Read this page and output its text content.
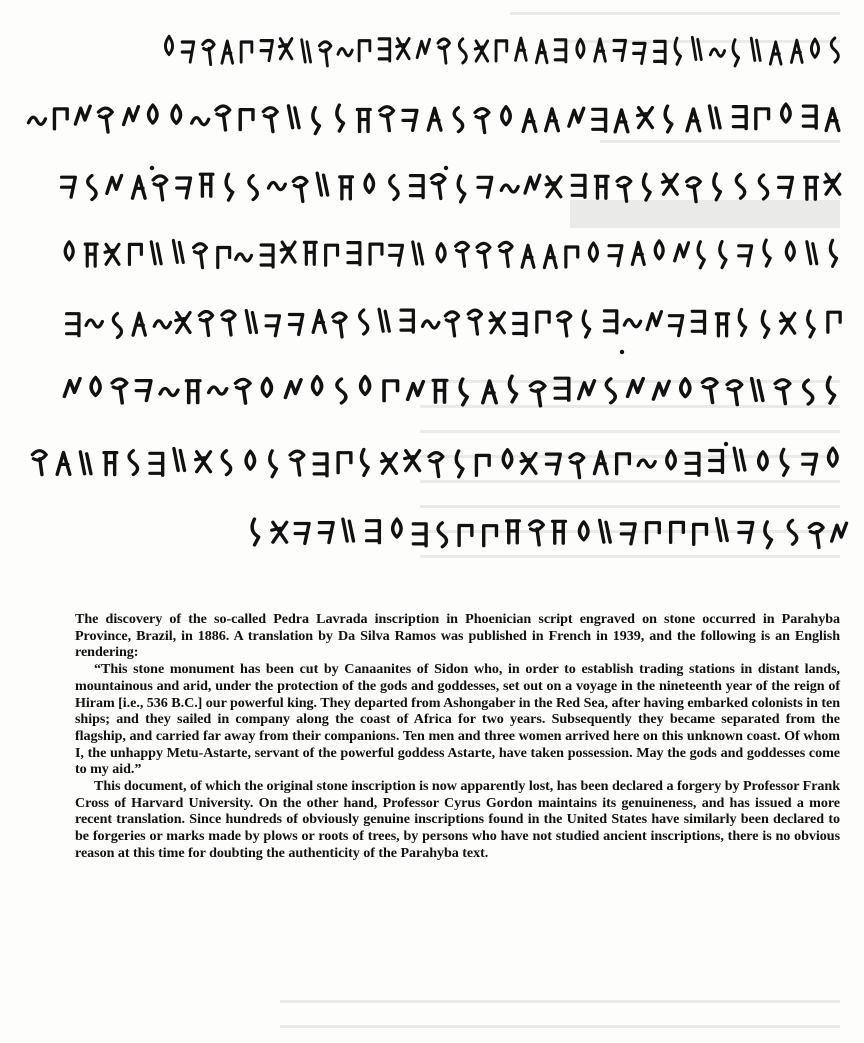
The discovery of the so-called Pedra Lavrada inscription in Phoenician script engraved on stone occurred in Parahyba Province, Brazil, in 1886. A translation by Da Silva Ramos was published in French in 1939, and the following is an English rendering:

“This stone monument has been cut by Canaanites of Sidon who, in order to establish trading stations in distant lands, mountainous and arid, under the protection of the gods and goddesses, set out on a voyage in the nineteenth year of the reign of Hiram [i.e., 536 B.C.] our powerful king. They departed from Ashongaber in the Red Sea, after having embarked colonists in ten ships; and they sailed in company along the coast of Africa for two years. Subsequently they became separated from the flagship, and carried far away from their companions. Ten men and three women arrived here on this unknown coast. Of whom I, the unhappy Metu-Astarte, servant of the powerful goddess Astarte, have taken possession. May the gods and goddesses come to my aid.”

This document, of which the original stone inscription is now apparently lost, has been declared a forgery by Professor Frank Cross of Harvard University. On the other hand, Professor Cyrus Gordon maintains its genuineness, and has issued a more recent translation. Since hundreds of obviously genuine inscriptions found in the United States have similarly been declared to be forgeries or marks made by plows or roots of trees, by persons who have not studied ancient inscriptions, there is no obvious reason at this time for doubting the authenticity of the Parahyba text.
